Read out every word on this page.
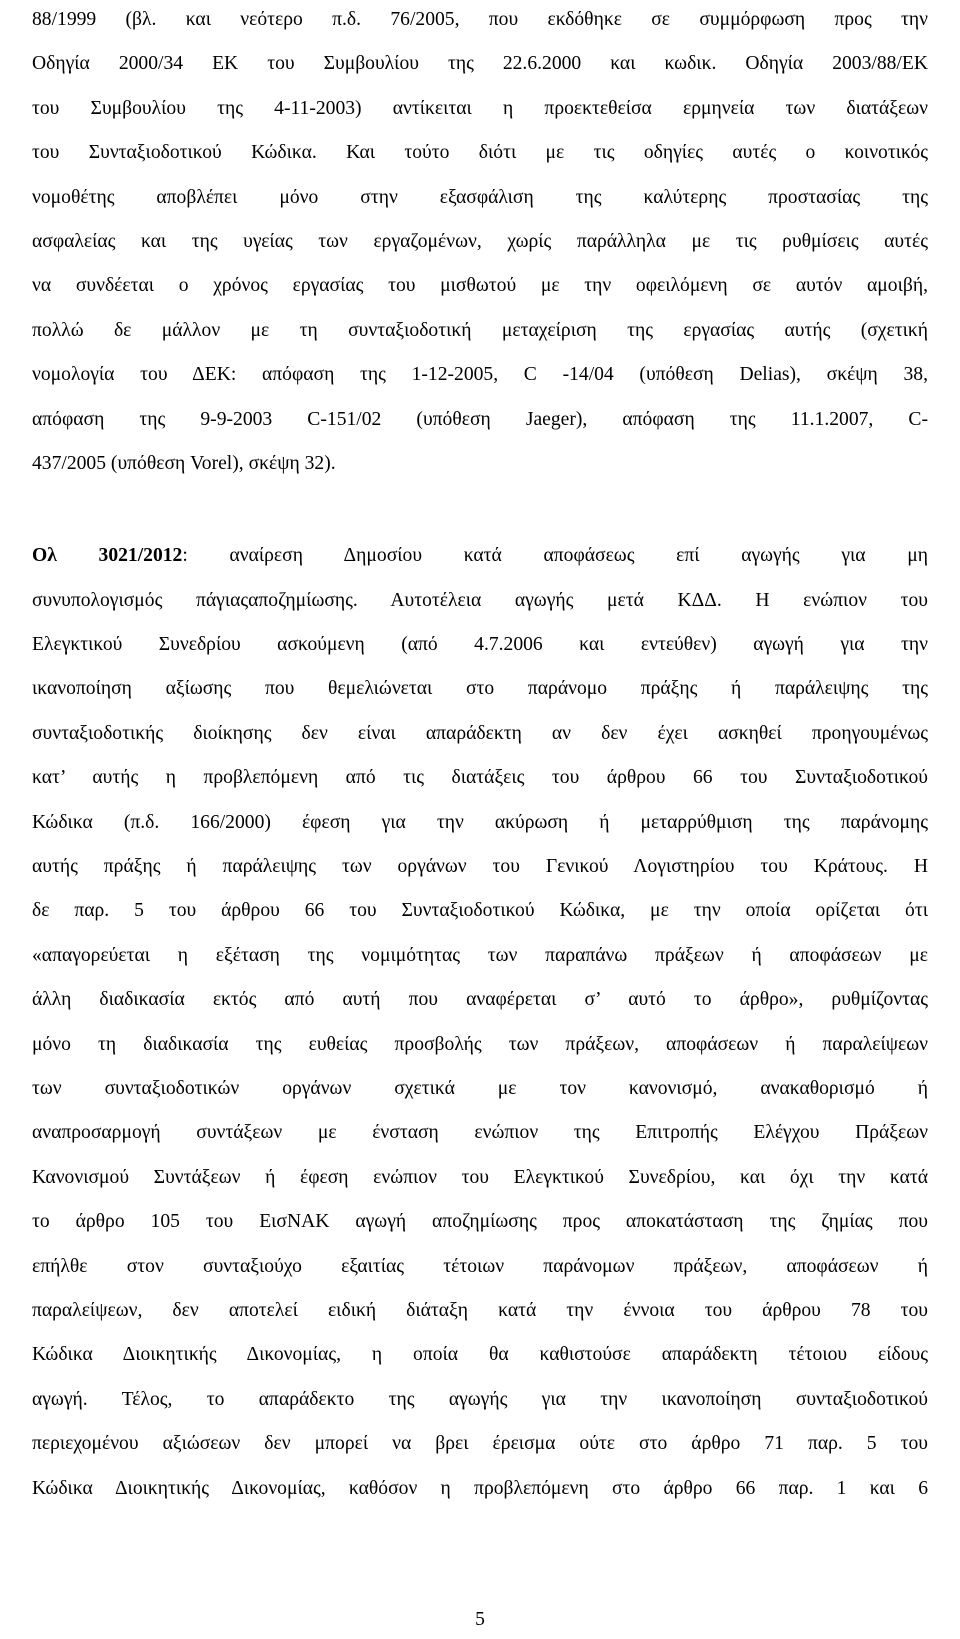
88/1999 (βλ. και νεότερο π.δ. 76/2005, που εκδόθηκε σε συμμόρφωση προς την
Οδηγία 2000/34 ΕΚ του Συμβουλίου της 22.6.2000 και κωδικ. Οδηγία 2003/88/ΕΚ
του Συμβουλίου της 4-11-2003) αντίκειται η προεκτεθείσα ερμηνεία των διατάξεων
του Συνταξιοδοτικού Κώδικα. Και τούτο διότι με τις οδηγίες αυτές ο κοινοτικός
νομοθέτης αποβλέπει μόνο στην εξασφάλιση της καλύτερης προστασίας της
ασφαλείας και της υγείας των εργαζομένων, χωρίς παράλληλα με τις ρυθμίσεις αυτές
να συνδέεται ο χρόνος εργασίας του μισθωτού με την οφειλόμενη σε αυτόν αμοιβή,
πολλώ δε μάλλον με τη συνταξιοδοτική μεταχείριση της εργασίας αυτής (σχετική
νομολογία του ΔΕΚ: απόφαση της 1-12-2005, C -14/04 (υπόθεση Delias), σκέψη 38,
απόφαση της 9-9-2003 C-151/02 (υπόθεση Jaeger), απόφαση της 11.1.2007, C-
437/2005 (υπόθεση Vorel), σκέψη 32).
Ολ 3021/2012: αναίρεση Δημοσίου κατά αποφάσεως επί αγωγής για μη
συνυπολογισμός πάγιαςαποζημίωσης. Αυτοτέλεια αγωγής μετά ΚΔΔ. Η ενώπιον του
Ελεγκτικού Συνεδρίου ασκούμενη (από 4.7.2006 και εντεύθεν) αγωγή για την
ικανοποίηση αξίωσης που θεμελιώνεται στο παράνομο πράξης ή παράλειψης της
συνταξιοδοτικής διοίκησης δεν είναι απαράδεκτη αν δεν έχει ασκηθεί προηγουμένως
κατ’ αυτής η προβλεπόμενη από τις διατάξεις του άρθρου 66 του Συνταξιοδοτικού
Κώδικα (π.δ. 166/2000) έφεση για την ακύρωση ή μεταρρύθμιση της παράνομης
αυτής πράξης ή παράλειψης των οργάνων του Γενικού Λογιστηρίου του Κράτους. Η
δε παρ. 5 του άρθρου 66 του Συνταξιοδοτικού Κώδικα, με την οποία ορίζεται ότι
«απαγορεύεται η εξέταση της νομιμότητας των παραπάνω πράξεων ή αποφάσεων με
άλλη διαδικασία εκτός από αυτή που αναφέρεται σ’ αυτό το άρθρο», ρυθμίζοντας
μόνο τη διαδικασία της ευθείας προσβολής των πράξεων, αποφάσεων ή παραλείψεων
των συνταξιοδοτικών οργάνων σχετικά με τον κανονισμό, ανακαθορισμό ή
αναπροσαρμογή συντάξεων με ένσταση ενώπιον της Επιτροπής Ελέγχου Πράξεων
Κανονισμού Συντάξεων ή έφεση ενώπιον του Ελεγκτικού Συνεδρίου, και όχι την κατά
το άρθρο 105 του ΕισΝΑΚ αγωγή αποζημίωσης προς αποκατάσταση της ζημίας που
επήλθε στον συνταξιούχο εξαιτίας τέτοιων παράνομων πράξεων, αποφάσεων ή
παραλείψεων, δεν αποτελεί ειδική διάταξη κατά την έννοια του άρθρου 78 του
Κώδικα Διοικητικής Δικονομίας, η οποία θα καθιστούσε απαράδεκτη τέτοιου είδους
αγωγή. Τέλος, το απαράδεκτο της αγωγής για την ικανοποίηση συνταξιοδοτικού
περιεχομένου αξιώσεων δεν μπορεί να βρει έρεισμα ούτε στο άρθρο 71 παρ. 5 του
Κώδικα Διοικητικής Δικονομίας, καθόσον η προβλεπόμενη στο άρθρο 66 παρ. 1 και 6
5
